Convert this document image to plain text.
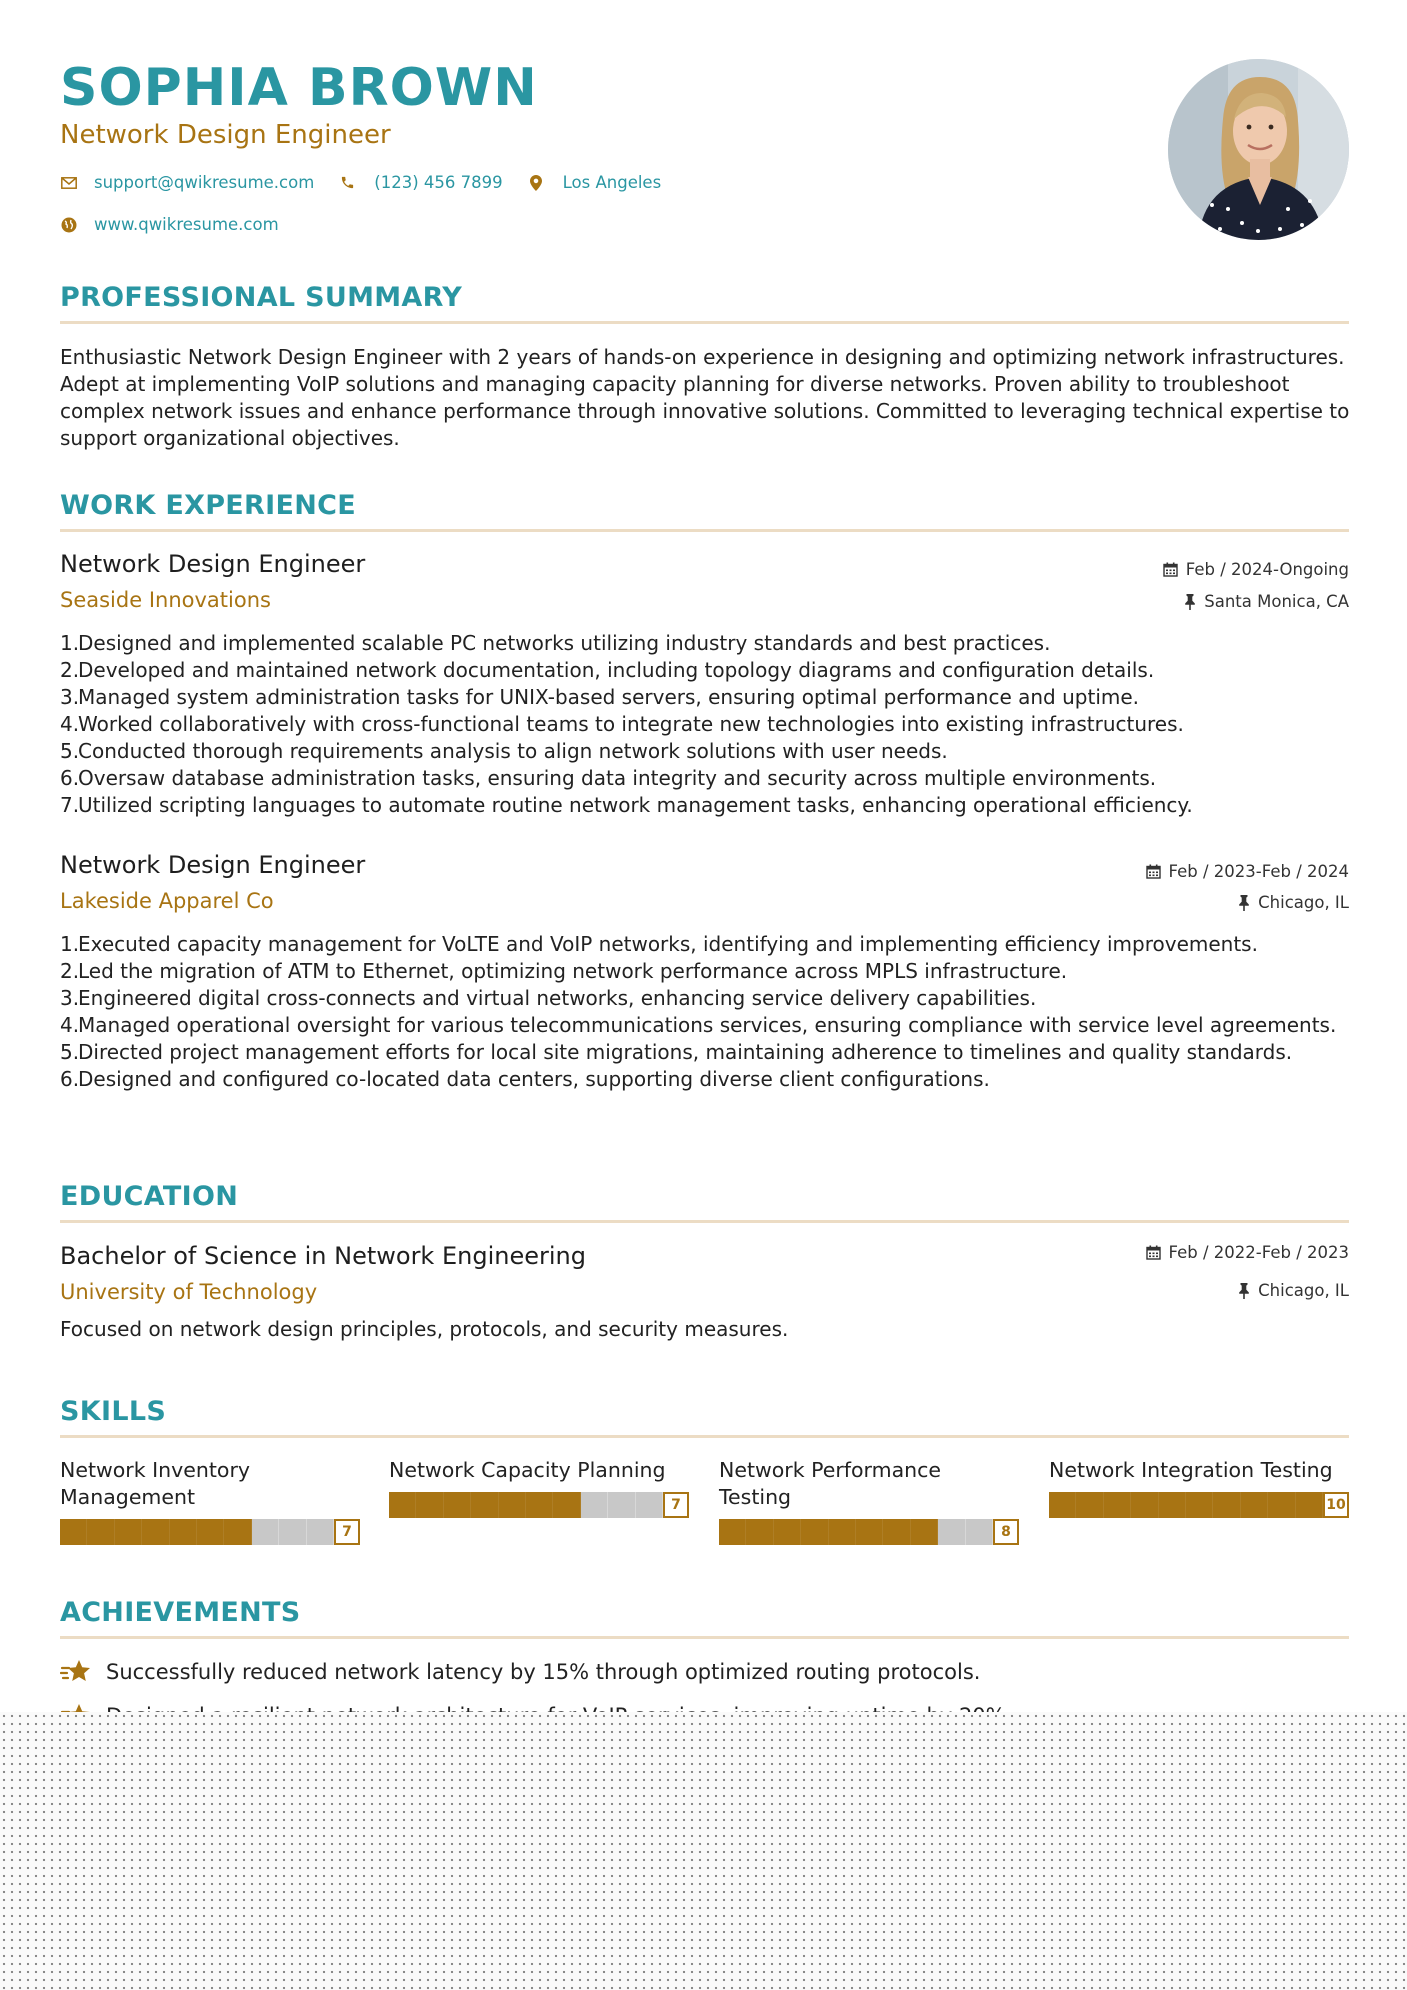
SOPHIA BROWN
Network Design Engineer
support@qwikresume.com	(123) 456 7899	Los Angeles
www.qwikresume.com
PROFESSIONAL SUMMARY
Enthusiastic Network Design Engineer with 2 years of hands-on experience in designing and optimizing network infrastructures. Adept at implementing VoIP solutions and managing capacity planning for diverse networks. Proven ability to troubleshoot complex network issues and enhance performance through innovative solutions. Committed to leveraging technical expertise to support organizational objectives.
WORK EXPERIENCE
Network Design Engineer	Feb / 2024-Ongoing
Seaside Innovations	Santa Monica, CA
Designed and implemented scalable PC networks utilizing industry standards and best practices.
Developed and maintained network documentation, including topology diagrams and configuration details.
Managed system administration tasks for UNIX-based servers, ensuring optimal performance and uptime.
Worked collaboratively with cross-functional teams to integrate new technologies into existing infrastructures.
Conducted thorough requirements analysis to align network solutions with user needs.
Oversaw database administration tasks, ensuring data integrity and security across multiple environments.
Utilized scripting languages to automate routine network management tasks, enhancing operational efficiency.
Network Design Engineer	Feb / 2023-Feb / 2024
Lakeside Apparel Co	Chicago, IL
Executed capacity management for VoLTE and VoIP networks, identifying and implementing efficiency improvements.
Led the migration of ATM to Ethernet, optimizing network performance across MPLS infrastructure.
Engineered digital cross-connects and virtual networks, enhancing service delivery capabilities.
Managed operational oversight for various telecommunications services, ensuring compliance with service level agreements.
Directed project management efforts for local site migrations, maintaining adherence to timelines and quality standards.
Designed and configured co-located data centers, supporting diverse client configurations.
EDUCATION
Bachelor of Science in Network Engineering	Feb / 2022-Feb / 2023
University of Technology	Chicago, IL
Focused on network design principles, protocols, and security measures.
SKILLS
Network Inventory Management
7
Network Capacity Planning
7
Network Performance Testing
8
Network Integration Testing
10
ACHIEVEMENTS
Successfully reduced network latency by 15% through optimized routing protocols.
